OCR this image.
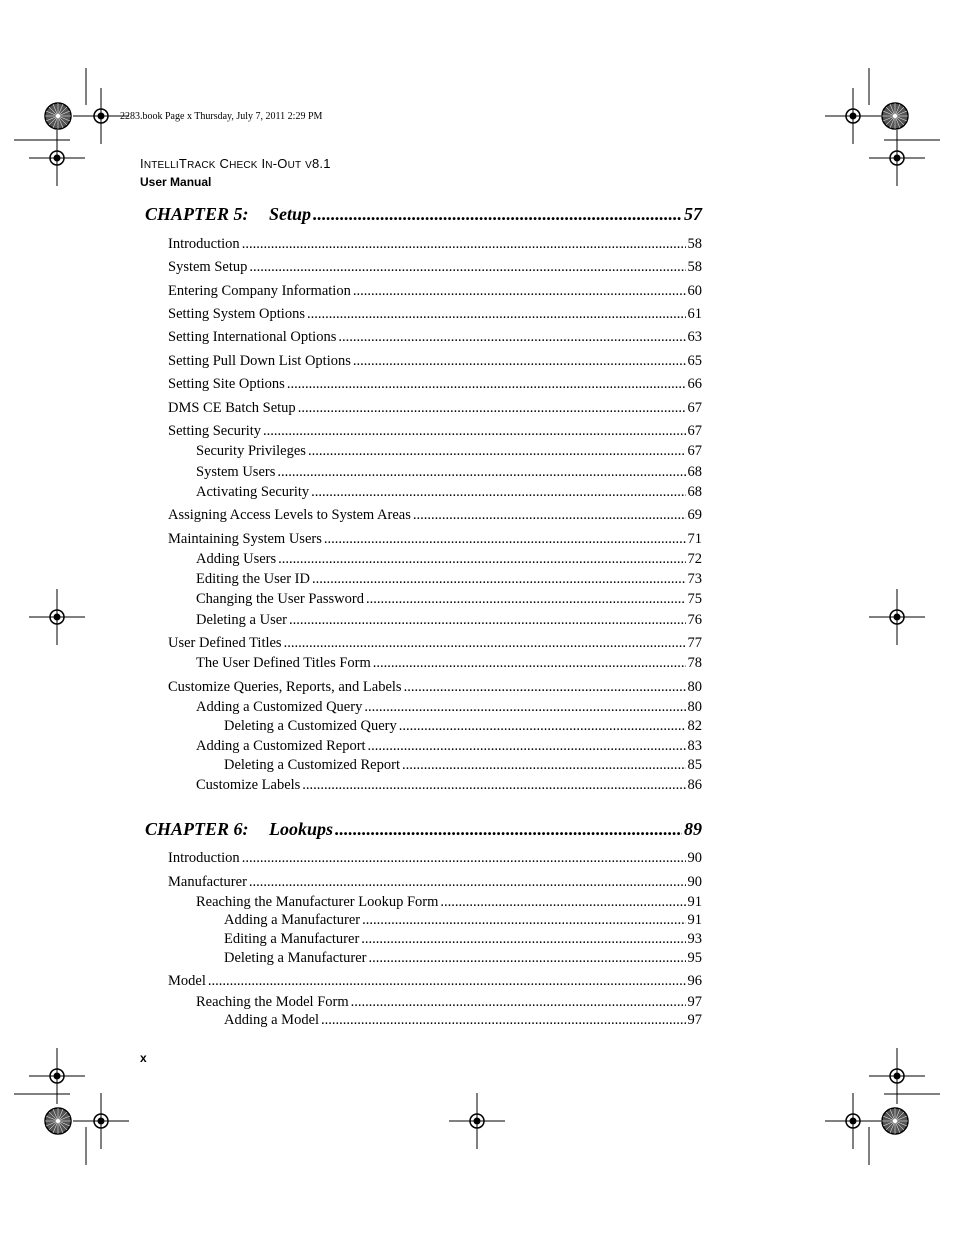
2283.book Page x Thursday, July 7, 2011 2:29 PM
INTELLITRACK CHECK IN-OUT V8.1
User Manual
CHAPTER 5:	Setup .....	57
Introduction .....	58
System Setup .....	58
Entering Company Information .....	60
Setting System Options .....	61
Setting International Options .....	63
Setting Pull Down List Options .....	65
Setting Site Options .....	66
DMS CE Batch Setup .....	67
Setting Security .....	67
Security Privileges .....	67
System Users .....	68
Activating Security .....	68
Assigning Access Levels to System Areas .....	69
Maintaining System Users .....	71
Adding Users .....	72
Editing the User ID .....	73
Changing the User Password .....	75
Deleting a User .....	76
User Defined Titles .....	77
The User Defined Titles Form .....	78
Customize Queries, Reports, and Labels .....	80
Adding a Customized Query .....	80
Deleting a Customized Query .....	82
Adding a Customized Report .....	83
Deleting a Customized Report .....	85
Customize Labels .....	86
CHAPTER 6:	Lookups .....	89
Introduction .....	90
Manufacturer .....	90
Reaching the Manufacturer Lookup Form .....	91
Adding a Manufacturer .....	91
Editing a Manufacturer .....	93
Deleting a Manufacturer .....	95
Model .....	96
Reaching the Model Form .....	97
Adding a Model .....	97
x
